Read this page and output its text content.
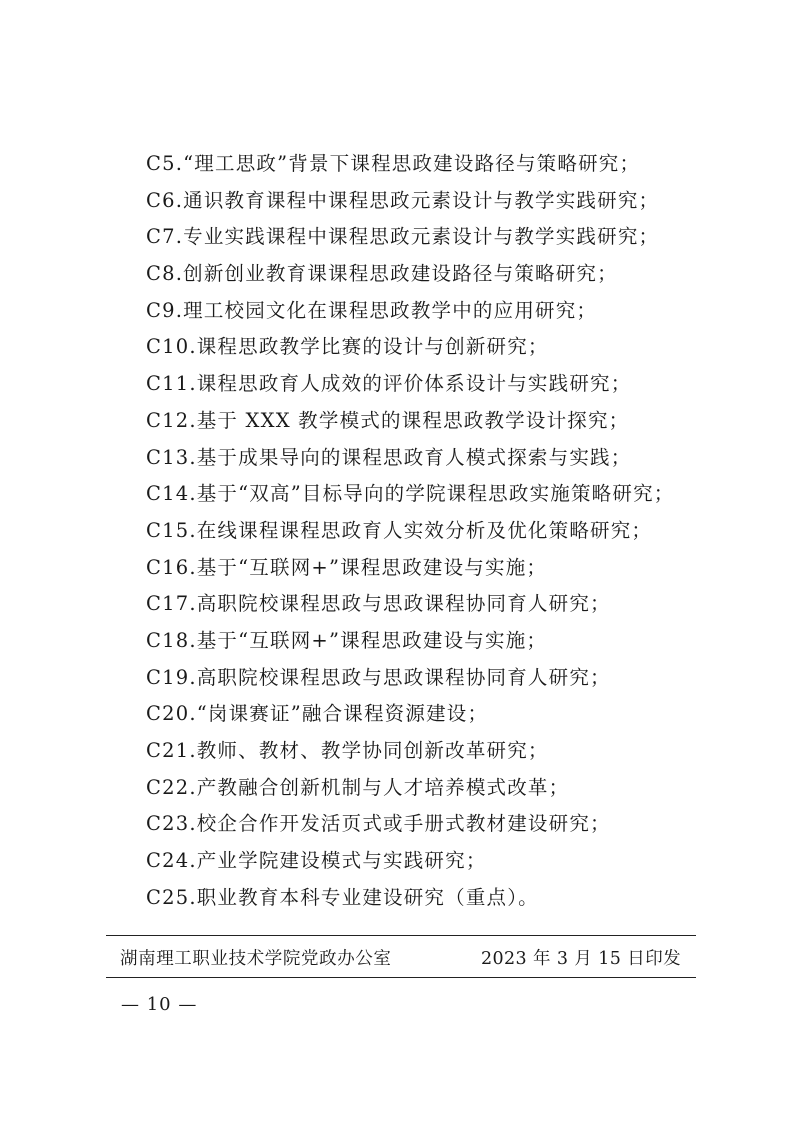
C5.“理工思政”背景下课程思政建设路径与策略研究；
C6.通识教育课程中课程思政元素设计与教学实践研究；
C7.专业实践课程中课程思政元素设计与教学实践研究；
C8.创新创业教育课课程思政建设路径与策略研究；
C9.理工校园文化在课程思政教学中的应用研究；
C10.课程思政教学比赛的设计与创新研究；
C11.课程思政育人成效的评价体系设计与实践研究；
C12.基于 XXX 教学模式的课程思政教学设计探究；
C13.基于成果导向的课程思政育人模式探索与实践；
C14.基于“双高”目标导向的学院课程思政实施策略研究；
C15.在线课程课程思政育人实效分析及优化策略研究；
C16.基于“互联网+”课程思政建设与实施；
C17.高职院校课程思政与思政课程协同育人研究；
C18.基于“互联网+”课程思政建设与实施；
C19.高职院校课程思政与思政课程协同育人研究；
C20.“岗课赛证”融合课程资源建设；
C21.教师、教材、教学协同创新改革研究；
C22.产教融合创新机制与人才培养模式改革；
C23.校企合作开发活页式或手册式教材建设研究；
C24.产业学院建设模式与实践研究；
C25.职业教育本科专业建设研究（重点）。
湖南理工职业技术学院党政办公室	2023 年 3 月 15 日印发
— 10 —
